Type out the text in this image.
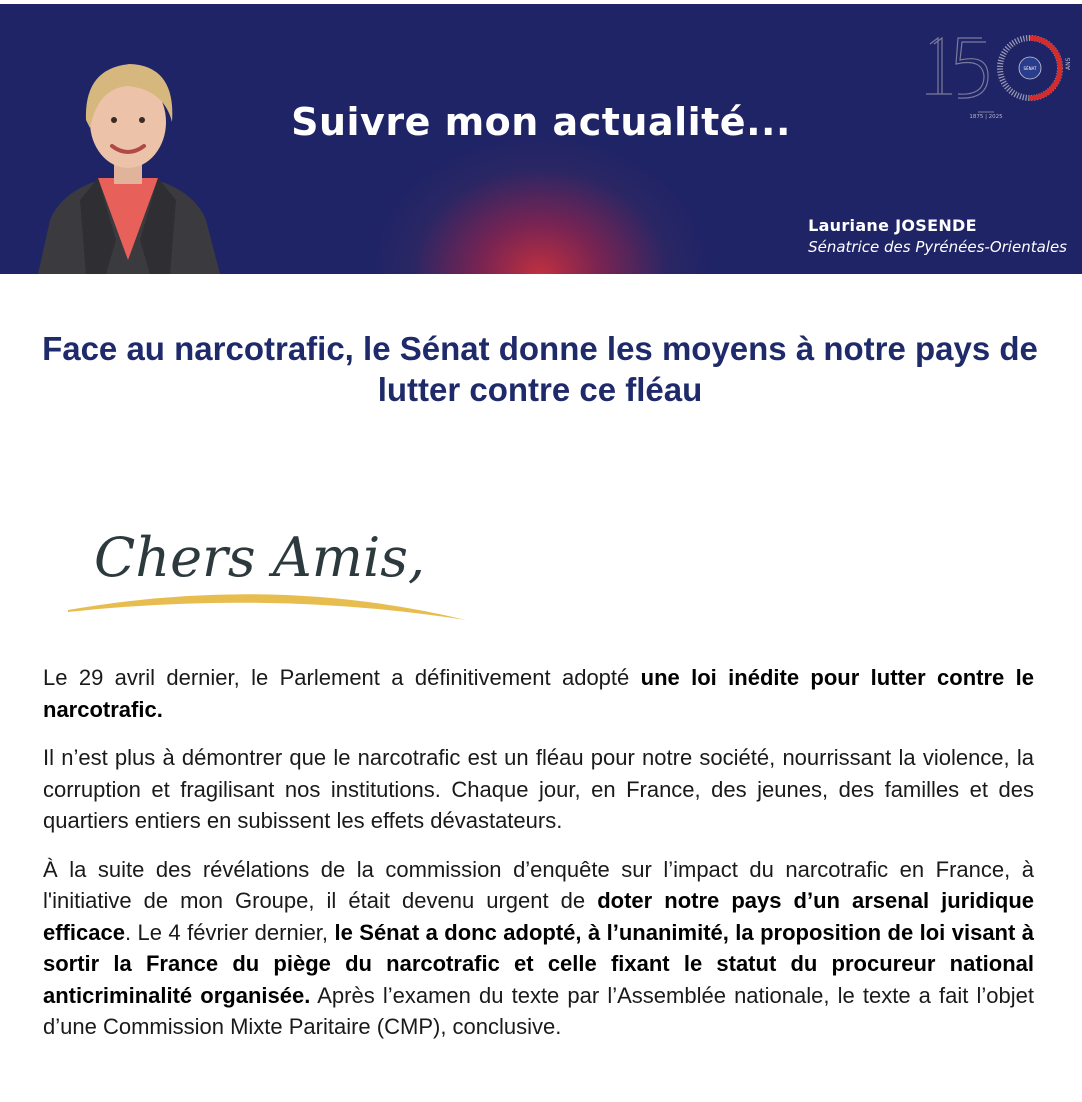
Suivre mon actualité...
SÉNAT	ANS
1875 | 2025
Lauriane JOSENDE
Sénatrice des Pyrénées-Orientales
Face au narcotrafic, le Sénat donne les moyens à notre pays de lutter contre ce fléau
Chers Amis,

Le 29 avril dernier, le Parlement a définitivement adopté une loi inédite pour lutter contre le narcotrafic.

Il n’est plus à démontrer que le narcotrafic est un fléau pour notre société, nourrissant la violence, la corruption et fragilisant nos institutions. Chaque jour, en France, des jeunes, des familles et des quartiers entiers en subissent les effets dévastateurs.

À la suite des révélations de la commission d’enquête sur l’impact du narcotrafic en France, à l'initiative de mon Groupe, il était devenu urgent de doter notre pays d’un arsenal juridique efficace. Le 4 février dernier, le Sénat a donc adopté, à l’unanimité, la proposition de loi visant à sortir la France du piège du narcotrafic et celle fixant le statut du procureur national anticriminalité organisée. Après l’examen du texte par l’Assemblée nationale, le texte a fait l’objet d’une Commission Mixte Paritaire (CMP), conclusive.
